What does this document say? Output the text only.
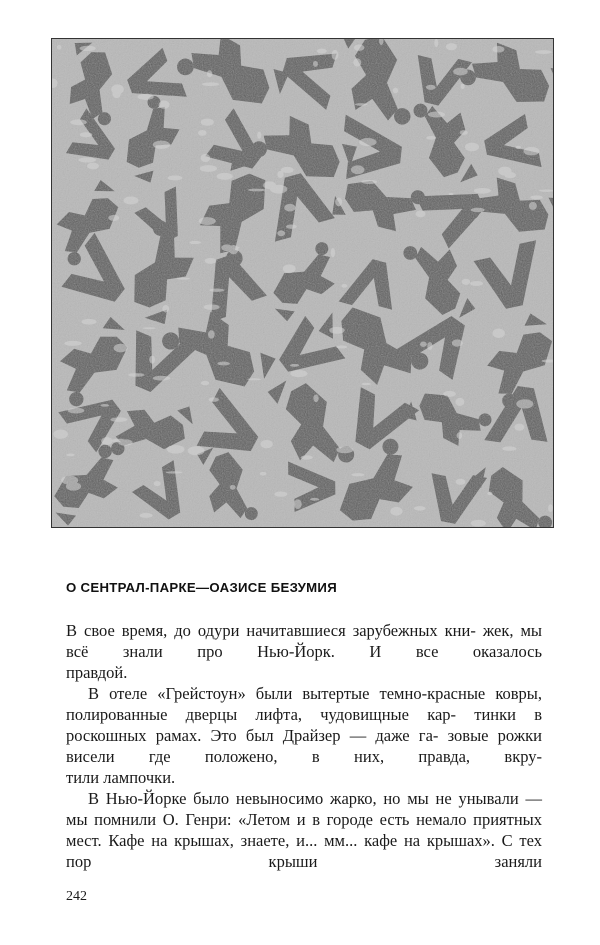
О СЕНТРАЛ-ПАРКЕ—ОАЗИСЕ БЕЗУМИЯ

В свое время, до одури начитавшиеся зарубежных кни- жек, мы всё знали про Нью-Йорк. И все оказалось

правдой.

В отеле «Грейстоун» были вытертые темно-красные ковры, полированные дверцы лифта, чудовищные кар- тинки в роскошных рамах. Это был Драйзер — даже га- зовые рожки висели где положено, в них, правда, вкру-

тили лампочки.

В Нью-Йорке было невыносимо жарко, но мы не унывали — мы помнили О. Генри: «Летом и в городе есть немало приятных мест. Кафе на крышах, знаете, и... мм... кафе на крышах». С тех пор крыши заняли

242
